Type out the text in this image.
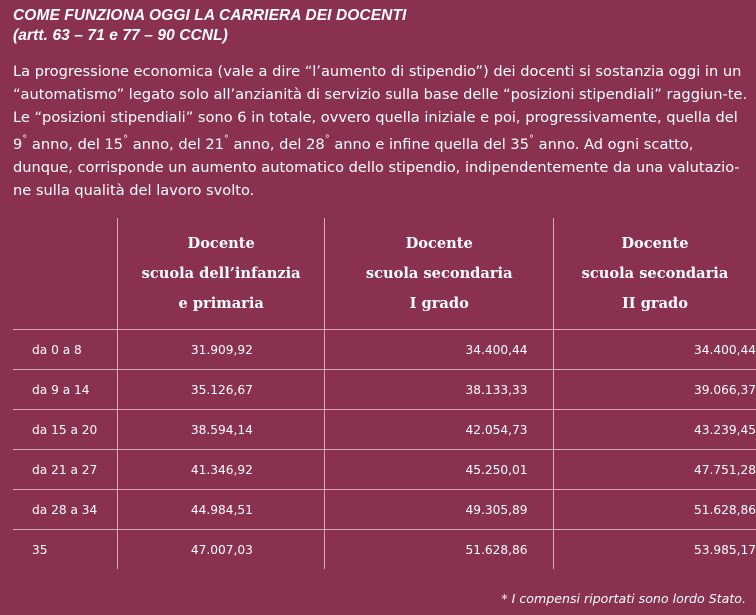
COME FUNZIONA OGGI LA CARRIERA DEI DOCENTI
(artt. 63 – 71 e 77 – 90 CCNL)

La progressione economica (vale a dire “l’aumento di stipendio”) dei docenti si sostanzia oggi in un “automatismo” legato solo all’anzianità di servizio sulla base delle “posizioni stipendiali” raggiun-te. Le “posizioni stipendiali” sono 6 in totale, ovvero quella iniziale e poi, progressivamente, quella del 9° anno, del 15° anno, del 21° anno, del 28° anno e infine quella del 35° anno. Ad ogni scatto, dunque, corrisponde un aumento automatico dello stipendio, indipendentemente da una valutazio-ne sulla qualità del lavoro svolto.

	Docente
scuola dell’infanzia
e primaria	Docente
scuola secondaria
I grado	Docente
scuola secondaria
II grado

da 0 a 8	31.909,92	34.400,44	34.400,44
da 9 a 14	35.126,67	38.133,33	39.066,37
da 15 a 20	38.594,14	42.054,73	43.239,45
da 21 a 27	41.346,92	45.250,01	47.751,28
da 28 a 34	44.984,51	49.305,89	51.628,86
35	47.007,03	51.628,86	53.985,17
* I compensi riportati sono lordo Stato.
